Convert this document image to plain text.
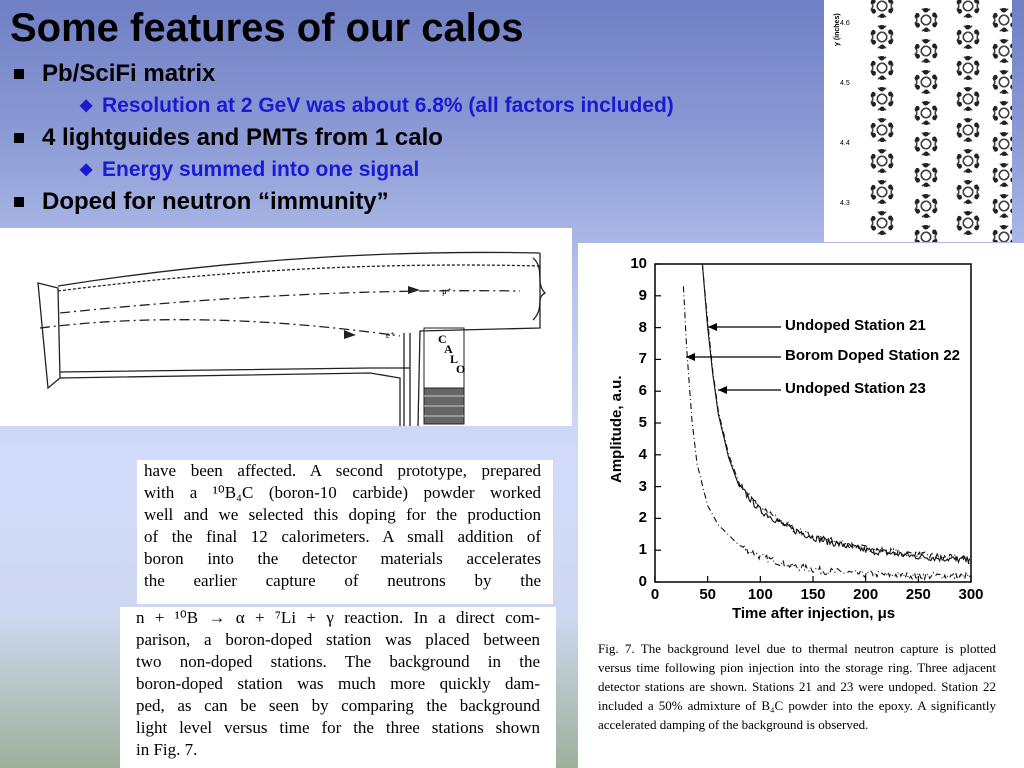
Some features of our calos
Pb/SciFi matrix
◆ Resolution at 2 GeV was about 6.8% (all factors included)
4 lightguides and PMTs from 1 calo
◆ Energy summed into one signal
Doped for neutron “immunity”
y (inches) 4.6
4.5
4.4
4.3
μ⁺
e⁺	C
A
L
O
0
1
2
3
4
5
6
7
8
9
10
0	50	100	150	200	250	300
Amplitude, a.u.
Time after injection, μs
Undoped Station 21
Borom Doped Station 22
Undoped Station 23

Fig. 7. The background level due to thermal neutron capture is plotted versus time following pion injection into the storage ring. Three adjacent detector stations are shown. Stations 21 and 23 were undoped. Station 22 included a 50% admixture of B₄C powder into the epoxy. A significantly accelerated damping of the background is observed.

have been affected. A second prototype, prepared
with a ¹⁰B₄C (boron-10 carbide) powder worked
well and we selected this doping for the production
of the final 12 calorimeters. A small addition of
boron into the detector materials accelerates
the earlier capture of neutrons by the
n + ¹⁰B → α + ⁷Li + γ reaction. In a direct com-
parison, a boron-doped station was placed between
two non-doped stations. The background in the
boron-doped station was much more quickly dam-
ped, as can be seen by comparing the background
light level versus time for the three stations shown
in Fig. 7.
